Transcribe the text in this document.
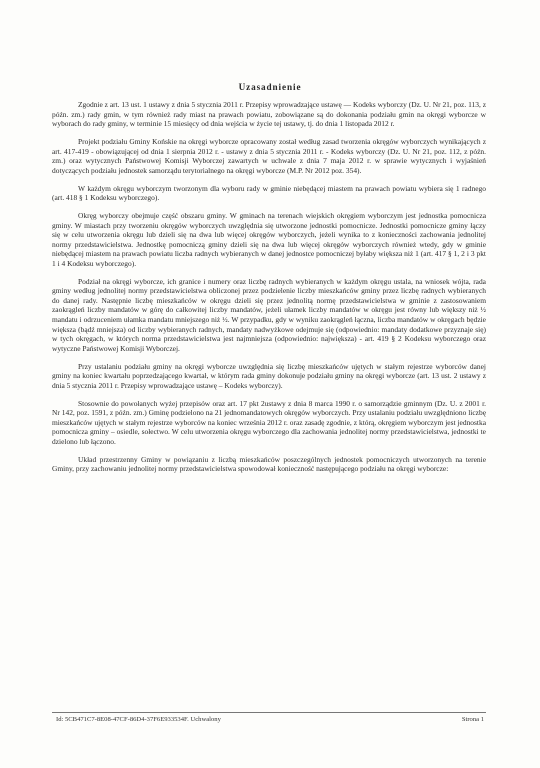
Uzasadnienie

Zgodnie z art. 13 ust. 1 ustawy z dnia 5 stycznia 2011 r. Przepisy wprowadzające ustawę — Kodeks wyborczy (Dz. U. Nr 21, poz. 113, z późn. zm.) rady gmin, w tym również rady miast na prawach powiatu, zobowiązane są do dokonania podziału gmin na okręgi wyborcze w wyborach do rady gminy, w terminie 15 miesięcy od dnia wejścia w życie tej ustawy, tj. do dnia 1 listopada 2012 r.

Projekt podziału Gminy Końskie na okręgi wyborcze opracowany został według zasad tworzenia okręgów wyborczych wynikających z art. 417-419 - obowiązującej od dnia 1 sierpnia 2012 r. - ustawy z dnia 5 stycznia 2011 r. - Kodeks wyborczy (Dz. U. Nr 21, poz. 112, z późn. zm.) oraz wytycznych Państwowej Komisji Wyborczej zawartych w uchwale z dnia 7 maja 2012 r. w sprawie wytycznych i wyjaśnień dotyczących podziału jednostek samorządu terytorialnego na okręgi wyborcze (M.P. Nr 2012 poz. 354).

W każdym okręgu wyborczym tworzonym dla wyboru rady w gminie niebędącej miastem na prawach powiatu wybiera się 1 radnego (art. 418 § 1 Kodeksu wyborczego).

Okręg wyborczy obejmuje część obszaru gminy. W gminach na terenach wiejskich okręgiem wyborczym jest jednostka pomocnicza gminy. W miastach przy tworzeniu okręgów wyborczych uwzględnia się utworzone jednostki pomocnicze. Jednostki pomocnicze gminy łączy się w celu utworzenia okręgu lub dzieli się na dwa lub więcej okręgów wyborczych, jeżeli wynika to z konieczności zachowania jednolitej normy przedstawicielstwa. Jednostkę pomocniczą gminy dzieli się na dwa lub więcej okręgów wyborczych również wtedy, gdy w gminie niebędącej miastem na prawach powiatu liczba radnych wybieranych w danej jednostce pomocniczej byłaby większa niż 1 (art. 417 § 1, 2 i 3 pkt 1 i 4 Kodeksu wyborczego).

Podział na okręgi wyborcze, ich granice i numery oraz liczbę radnych wybieranych w każdym okręgu ustala, na wniosek wójta, rada gminy według jednolitej normy przedstawicielstwa obliczonej przez podzielenie liczby mieszkańców gminy przez liczbę radnych wybieranych do danej rady. Następnie liczbę mieszkańców w okręgu dzieli się przez jednolitą normę przedstawicielstwa w gminie z zastosowaniem zaokrągleń liczby mandatów w górę do całkowitej liczby mandatów, jeżeli ułamek liczby mandatów w okręgu jest równy lub większy niż ½ mandatu i odrzuceniem ułamka mandatu mniejszego niż ½. W przypadku, gdy w wyniku zaokrągleń łączna, liczba mandatów w okręgach będzie większa (bądź mniejsza) od liczby wybieranych radnych, mandaty nadwyżkowe odejmuje się (odpowiednio: mandaty dodatkowe przyznaje się) w tych okręgach, w których norma przedstawicielstwa jest najmniejsza (odpowiednio: największa) - art. 419 § 2 Kodeksu wyborczego oraz wytyczne Państwowej Komisji Wyborczej.

Przy ustalaniu podziału gminy na okręgi wyborcze uwzględnia się liczbę mieszkańców ujętych w stałym rejestrze wyborców danej gminy na koniec kwartału poprzedzającego kwartał, w którym rada gminy dokonuje podziału gminy na okręgi wyborcze (art. 13 ust. 2 ustawy z dnia 5 stycznia 2011 r. Przepisy wprowadzające ustawę – Kodeks wyborczy).

Stosownie do powołanych wyżej przepisów oraz art. 17 pkt 2ustawy z dnia 8 marca 1990 r. o samorządzie gminnym (Dz. U. z 2001 r. Nr 142, poz. 1591, z późn. zm.) Gminę podzielono na 21 jednomandatowych okręgów wyborczych. Przy ustalaniu podziału uwzględniono liczbę mieszkańców ujętych w stałym rejestrze wyborców na koniec września 2012 r. oraz zasadę zgodnie, z którą, okręgiem wyborczym jest jednostka pomocnicza gminy – osiedle, sołectwo. W celu utworzenia okręgu wyborczego dla zachowania jednolitej normy przedstawicielstwa, jednostki te dzielono lub łączono.

Układ przestrzenny Gminy w powiązaniu z liczbą mieszkańców poszczególnych jednostek pomocniczych utworzonych na terenie Gminy, przy zachowaniu jednolitej normy przedstawicielstwa spowodował konieczność następującego podziału na okręgi wyborcze:

Id: 5CB471C7-8E08-47CF-86D4-37F6E933534F. Uchwalony	Strona 1
